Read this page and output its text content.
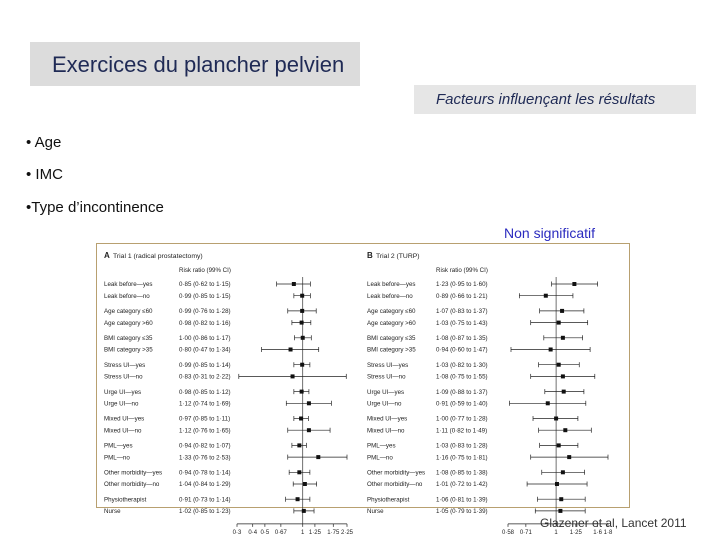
Exercices du plancher pelvien
Facteurs influençant les résultats
• Age
• IMC
•Type d’incontinence
Non significatif
A Trial 1 (radical prostatectomy)
Risk ratio (99% CI)
Leak before—yes	0·85 (0·62 to 1·15)
Leak before—no	0·99 (0·85 to 1·15)
Age category ≤60	0·99 (0·76 to 1·28)
Age category >60	0·98 (0·82 to 1·16)
BMI category ≤35	1·00 (0·86 to 1·17)
BMI category >35	0·80 (0·47 to 1·34)
Stress UI—yes	0·99 (0·85 to 1·14)
Stress UI—no	0·83 (0·31 to 2·22)
Urge UI—yes	0·98 (0·85 to 1·12)
Urge UI—no	1·12 (0·74 to 1·69)
Mixed UI—yes	0·97 (0·85 to 1·11)
Mixed UI—no	1·12 (0·76 to 1·65)
PML—yes	0·94 (0·82 to 1·07)
PML—no	1·33 (0·76 to 2·53)
Other morbidity—yes	0·94 (0·78 to 1·14)
Other morbidity—no	1·04 (0·84 to 1·29)
Physiotherapist	0·91 (0·73 to 1·14)
Nurse	1·02 (0·85 to 1·23)
0·3 0·4 0·5 0·67 1 1·25 1·75 2·25
B Trial 2 (TURP)
Risk ratio (99% CI)
Leak before—yes	1·23 (0·95 to 1·60)
Leak before—no	0·89 (0·66 to 1·21)
Age category ≤60	1·07 (0·83 to 1·37)
Age category >60	1·03 (0·75 to 1·43)
BMI category ≤35	1·08 (0·87 to 1·35)
BMI category >35	0·94 (0·60 to 1·47)
Stress UI—yes	1·03 (0·82 to 1·30)
Stress UI—no	1·08 (0·75 to 1·55)
Urge UI—yes	1·09 (0·88 to 1·37)
Urge UI—no	0·91 (0·59 to 1·40)
Mixed UI—yes	1·00 (0·77 to 1·28)
Mixed UI—no	1·11 (0·82 to 1·49)
PML—yes	1·03 (0·83 to 1·28)
PML—no	1·16 (0·75 to 1·81)
Other morbidity—yes 1·08 (0·85 to 1·38)
Other morbidity—no 1·01 (0·72 to 1·42)
Physiotherapist	1·06 (0·81 to 1·39)
Nurse	1·05 (0·79 to 1·39)
0·58 0·71	1 1·25 1·6 1·8
Glazener et al, Lancet 2011
